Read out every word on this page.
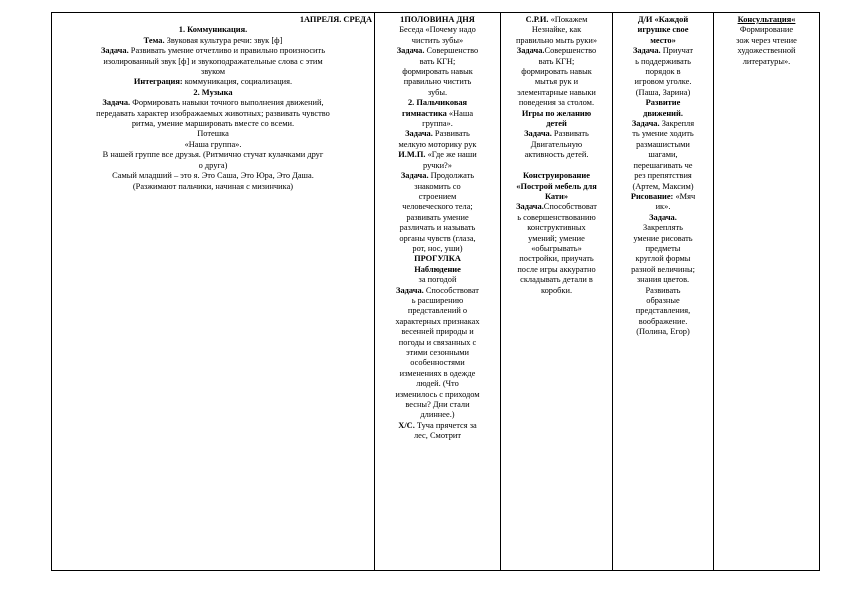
1АПРЕЛЯ. СРЕДА
1. Коммуникация.
Тема. Звуковая культура речи: звук [ф]
Задача. Развивать умение отчетливо и правильно произносить
изолированный звук [ф] и звукоподражательные слова с этим
звуком
Интеграция: коммуникация, социализация.
2. Музыка
Задача. Формировать навыки точного выполнения движений,
передавать характер изображаемых животных; развивать чувство
ритма, умение маршировать вместе со всеми.
Потешка
«Наша группа».
В нашей группе все друзья. (Ритмично стучат кулачками друг
о друга)
Самый младший – это я. Это Саша, Это Юра, Это Даша.
(Разжимают пальчики, начиная с мизинчика)

1ПОЛОВИНА ДНЯ
Беседа «Почему надо
чистить зубы»
Задача. Совершенство
вать КГН;
формировать навык
правильно чистить
зубы.
2. Пальчиковая
гимнастика «Наша
группа».
Задача. Развивать
мелкую моторику рук
И.М.П. «Где же наши
ручки?»
Задача. Продолжать
знакомить со
строением
человеческого тела;
развивать умение
различать и называть
органы чувств (глаза,
рот, нос, уши)
ПРОГУЛКА
Наблюдение
за погодой
Задача. Способствоват
ь расширению
представлений о
характерных признаках
весенней природы и
погоды и связанных с
этими сезонными
особенностями
изменениях в одежде
людей. (Что
изменилось с приходом
весны? Дни стали
длиннее.)
Х/С. Туча прячется за
лес, Смотрит

С.Р.И. «Покажем
Незнайке, как
правильно мыть руки»
Задача.Совершенство
вать КГН;
формировать навык
мытья рук и
элементарные навыки
поведения за столом.
Игры по желанию
детей
Задача. Развивать
Двигательную
активность детей.

Конструирование
«Построй мебель для
Кати»
Задача.Способствоват
ь совершенствованию
конструктивных
умений; умение
«обыгрывать»
постройки, приучать
после игры аккуратно
складывать детали в
коробки.

Д/И «Каждой
игрушке свое
место»
Задача. Приучат
ь поддерживать
порядок в
игровом уголке.
(Паша, Зарина)
Развитие
движений.
Задача. Закрепля
ть умение ходить
размашистыми
шагами,
перешагивать че
рез препятствия
(Артем, Максим)
Рисование: «Мяч
ик».
Задача.
Закреплять
умение рисовать
предметы
круглой формы
разной величины;
знания цветов.
Развивать
образные
представления,
воображение.
(Полина, Егор)

Консультация«
Формирование
зож через чтение
художественной
литературы».
